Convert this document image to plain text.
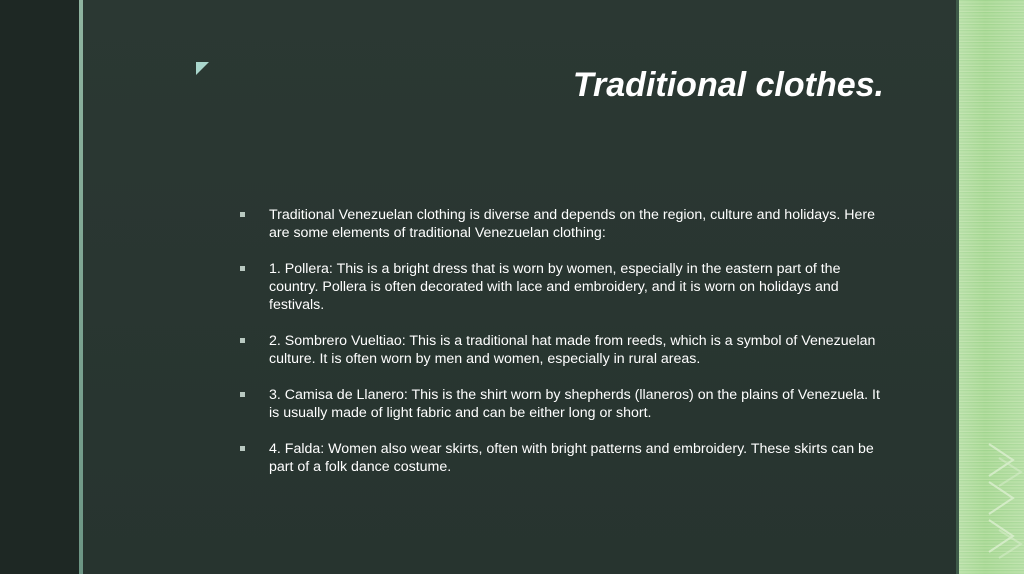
Traditional clothes.
Traditional Venezuelan clothing is diverse and depends on the region, culture and holidays. Here are some elements of traditional Venezuelan clothing:
1. Pollera: This is a bright dress that is worn by women, especially in the eastern part of the country. Pollera is often decorated with lace and embroidery, and it is worn on holidays and festivals.
2. Sombrero Vueltiao: This is a traditional hat made from reeds, which is a symbol of Venezuelan culture. It is often worn by men and women, especially in rural areas.
3. Camisa de Llanero: This is the shirt worn by shepherds (llaneros) on the plains of Venezuela. It is usually made of light fabric and can be either long or short.
4. Falda: Women also wear skirts, often with bright patterns and embroidery. These skirts can be part of a folk dance costume.
